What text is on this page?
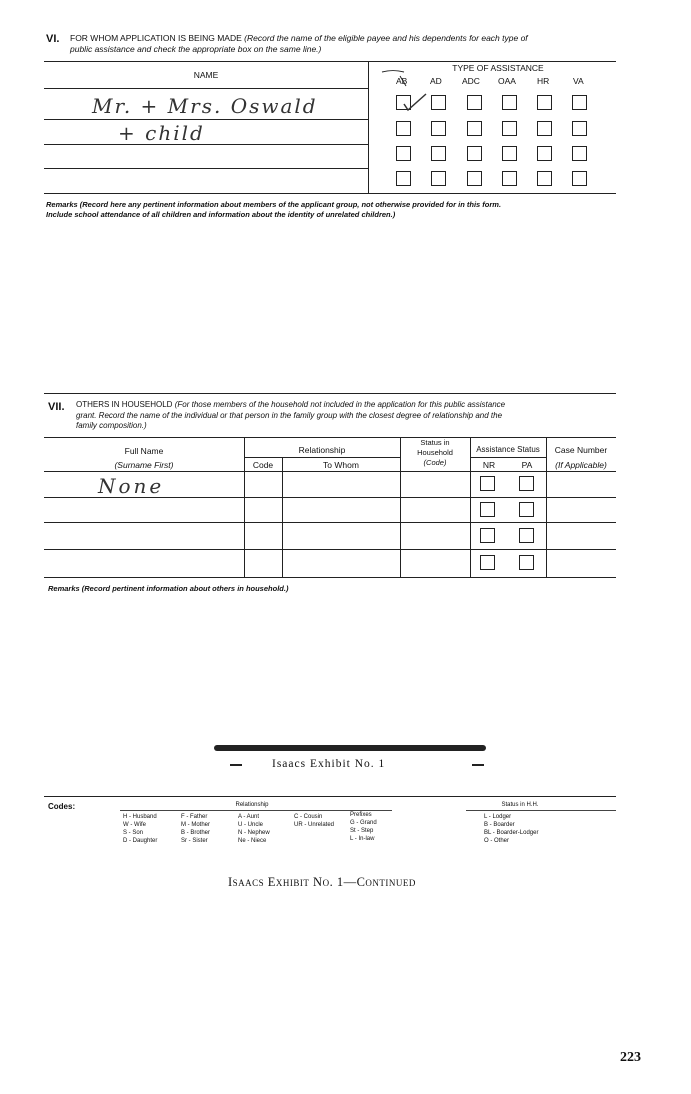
VI. FOR WHOM APPLICATION IS BEING MADE (Record the name of the eligible payee and his dependents for each type of
public assistance and check the appropriate box on the same line.)
NAME
TYPE OF ASSISTANCE
AB	AD ADC OAA HR	VA
Mr. + Mrs. Oswald
+ child
Remarks (Record here any pertinent information about members of the applicant group, not otherwise provided for in this form.
Include school attendance of all children and information about the identity of unrelated children.)
VII. OTHERS IN HOUSEHOLD (For those members of the household not included in the application for this public assistance
grant. Record the name of the individual or that person in the family group with the closest degree of relationship and the
family composition.)
Full Name
(Surname First)
Relationship
Code	To Whom
Status in
Household
(Code)
Assistance Status
NR	PA
Case Number
(If Applicable)
None
Remarks (Record pertinent information about others in household.)
Isaacs Exhibit No. 1
Codes:	Relationship
H - Husband
W - Wife
S - Son
D - Daughter
F - Father
M - Mother
B - Brother
Sr - Sister
A - Aunt
U - Uncle
N - Nephew
Ne - Niece
C - Cousin
UR - Unrelated
Prefixes
G - Grand
St - Step
L - In-law
Status in H.H.
L - Lodger
B - Boarder
BL - Boarder-Lodger
O - Other
Isaacs Exhibit No. 1—Continued
223
